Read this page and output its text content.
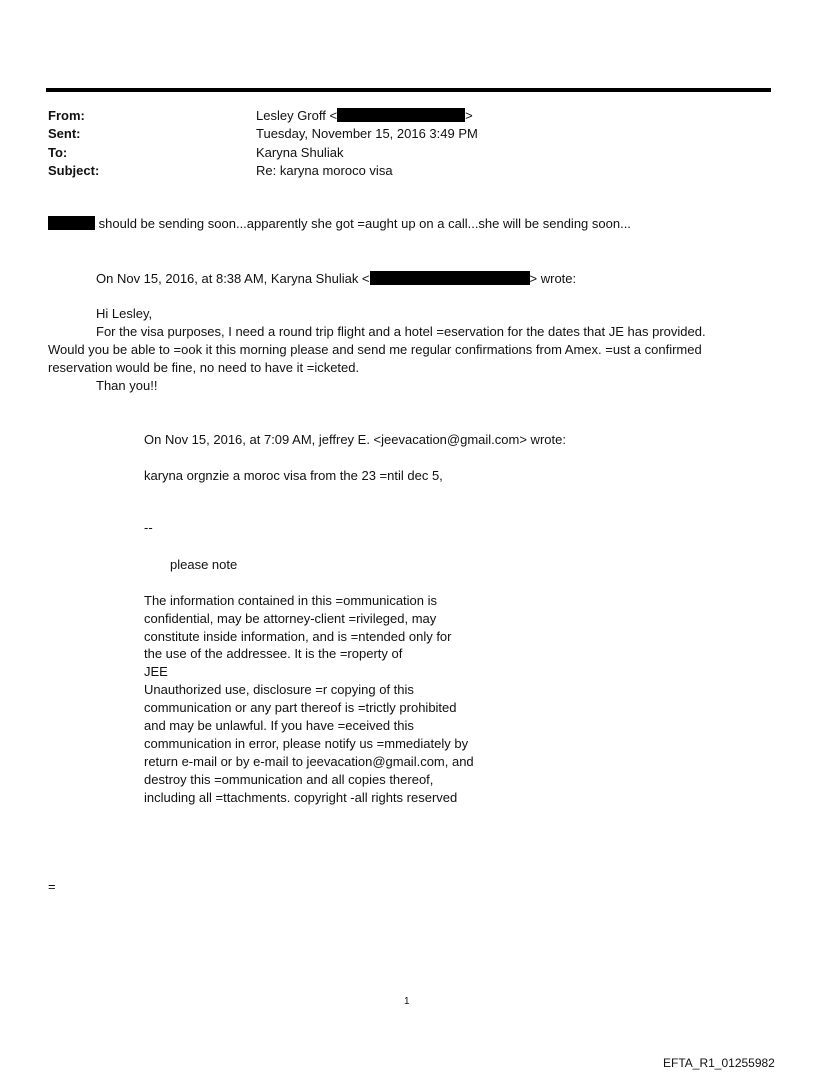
From:	Lesley Groff <	>
Sent:	Tuesday, November 15, 2016 3:49 PM
To:	Karyna Shuliak
Subject:	Re: karyna moroco visa
should be sending soon...apparently she got =aught up on a call...she will be sending soon...
On Nov 15, 2016, at 8:38 AM, Karyna Shuliak <	> wrote:
Hi Lesley,
For the visa purposes, I need a round trip flight and a hotel =eservation for the dates that JE has provided.
Would you be able to =ook it this morning please and send me regular confirmations from Amex. =ust a confirmed
reservation would be fine, no need to have it =icketed.
Than you!!
On Nov 15, 2016, at 7:09 AM, jeffrey E. <jeevacation@gmail.com> wrote:
karyna orgnzie a moroc visa from the 23 =ntil dec 5,
--
please note
The information contained in this =ommunication is
confidential, may be attorney-client =rivileged, may
constitute inside information, and is =ntended only for
the use of the addressee. It is the =roperty of
JEE
Unauthorized use, disclosure =r copying of this
communication or any part thereof is =trictly prohibited
and may be unlawful. If you have =eceived this
communication in error, please notify us =mmediately by
return e-mail or by e-mail to jeevacation@gmail.com, and
destroy this =ommunication and all copies thereof,
including all =ttachments. copyright -all rights reserved
=
1
EFTA_R1_01255982
